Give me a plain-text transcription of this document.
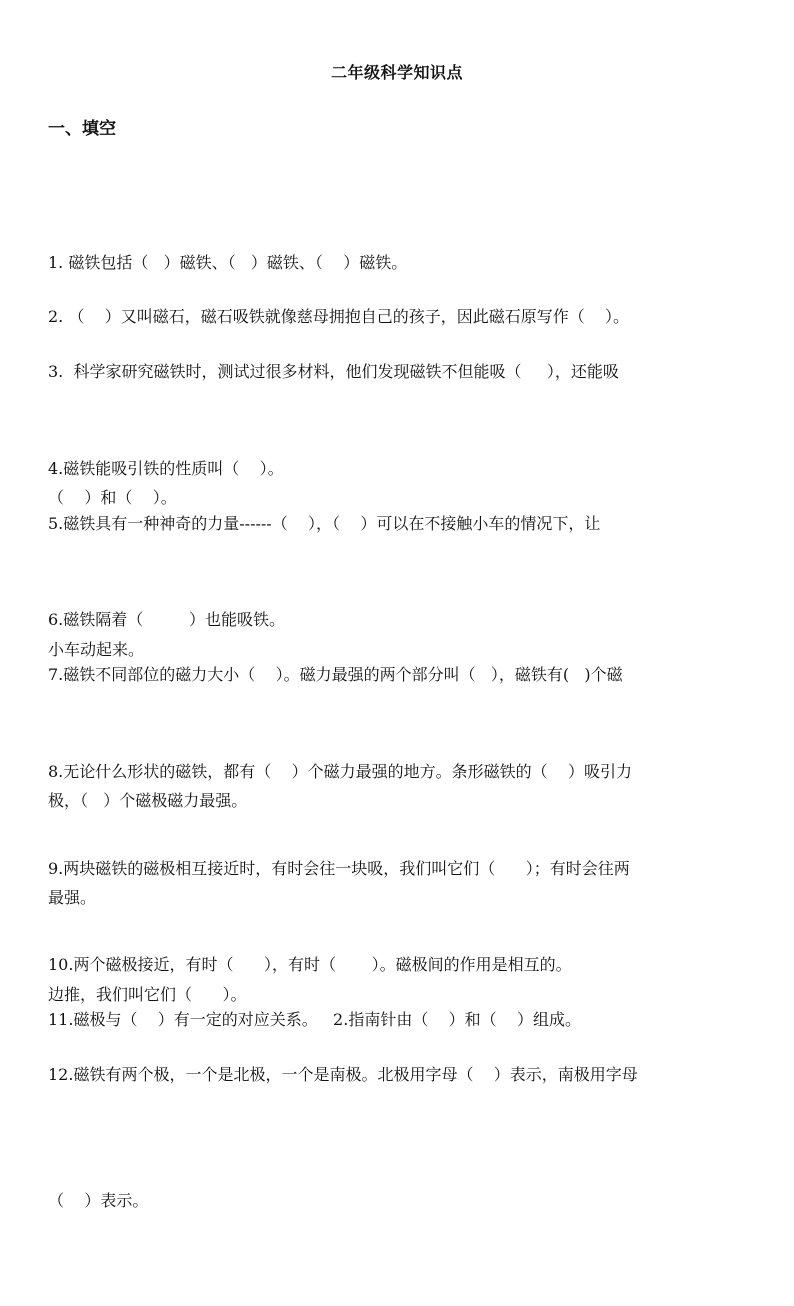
二年级科学知识点
一、填空

1. 磁铁包括（   ）磁铁、（   ）磁铁、（    ）磁铁。

2. （    ）又叫磁石，磁石吸铁就像慈母拥抱自己的孩子，因此磁石原写作（    ）。

3.  科学家研究磁铁时，测试过很多材料，他们发现磁铁不但能吸（     ），还能吸

（    ）和（    ）。

4.磁铁能吸引铁的性质叫（    ）。

5.磁铁具有一种神奇的力量------（    ），（    ）可以在不接触小车的情况下，让

小车动起来。

6.磁铁隔着（         ）也能吸铁。

7.磁铁不同部位的磁力大小（    ）。磁力最强的两个部分叫（   ），磁铁有(   )个磁

极，（   ）个磁极磁力最强。

8.无论什么形状的磁铁，都有（    ）个磁力最强的地方。条形磁铁的（    ）吸引力

最强。

9.两块磁铁的磁极相互接近时，有时会往一块吸，我们叫它们（      ）；有时会往两

边推，我们叫它们（      ）。

10.两个磁极接近，有时（      ），有时（       ）。磁极间的作用是相互的。

11.磁极与（    ）有一定的对应关系。   2.指南针由（    ）和（    ）组成。

12.磁铁有两个极，一个是北极，一个是南极。北极用字母（    ）表示，南极用字母

（    ）表示。
